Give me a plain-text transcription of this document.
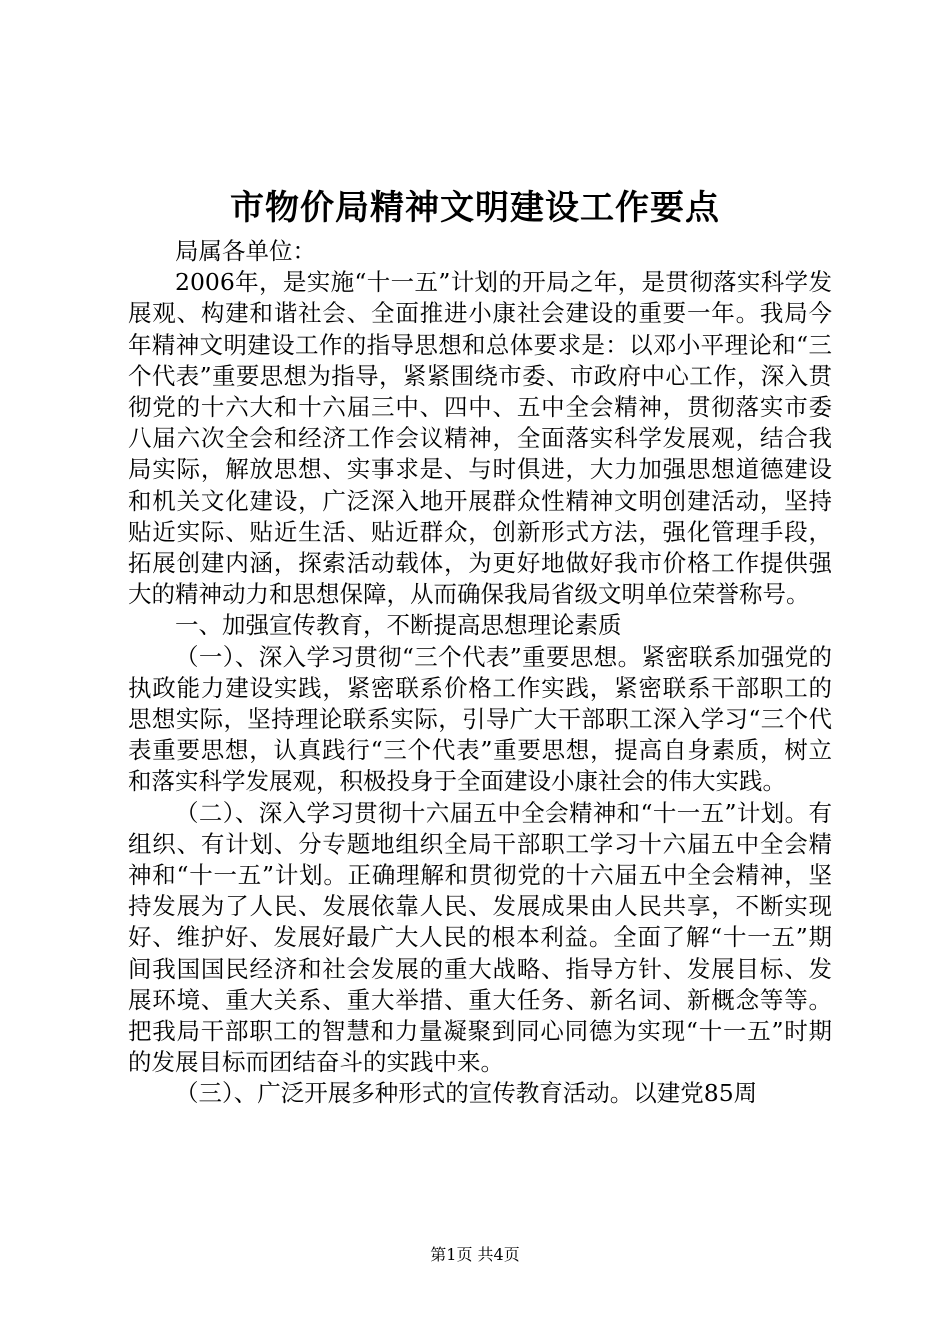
市物价局精神文明建设工作要点

局属各单位：

2006年，是实施“十一五”计划的开局之年，是贯彻落实科学发展观、构建和谐社会、全面推进小康社会建设的重要一年。我局今年精神文明建设工作的指导思想和总体要求是：以邓小平理论和“三个代表”重要思想为指导，紧紧围绕市委、市政府中心工作，深入贯彻党的十六大和十六届三中、四中、五中全会精神，贯彻落实市委八届六次全会和经济工作会议精神，全面落实科学发展观，结合我局实际，解放思想、实事求是、与时俱进，大力加强思想道德建设和机关文化建设，广泛深入地开展群众性精神文明创建活动，坚持贴近实际、贴近生活、贴近群众，创新形式方法，强化管理手段，拓展创建内涵，探索活动载体，为更好地做好我市价格工作提供强大的精神动力和思想保障，从而确保我局省级文明单位荣誉称号。

一、加强宣传教育，不断提高思想理论素质

（一）、深入学习贯彻“三个代表”重要思想。紧密联系加强党的执政能力建设实践，紧密联系价格工作实践，紧密联系干部职工的思想实际，坚持理论联系实际，引导广大干部职工深入学习“三个代表重要思想，认真践行“三个代表”重要思想，提高自身素质，树立和落实科学发展观，积极投身于全面建设小康社会的伟大实践。

（二）、深入学习贯彻十六届五中全会精神和“十一五”计划。有组织、有计划、分专题地组织全局干部职工学习十六届五中全会精神和“十一五”计划。正确理解和贯彻党的十六届五中全会精神，坚持发展为了人民、发展依靠人民、发展成果由人民共享，不断实现好、维护好、发展好最广大人民的根本利益。全面了解“十一五”期间我国国民经济和社会发展的重大战略、指导方针、发展目标、发展环境、重大关系、重大举措、重大任务、新名词、新概念等等。把我局干部职工的智慧和力量凝聚到同心同德为实现“十一五”时期的发展目标而团结奋斗的实践中来。

（三）、广泛开展多种形式的宣传教育活动。以建党85周

第1页 共4页
